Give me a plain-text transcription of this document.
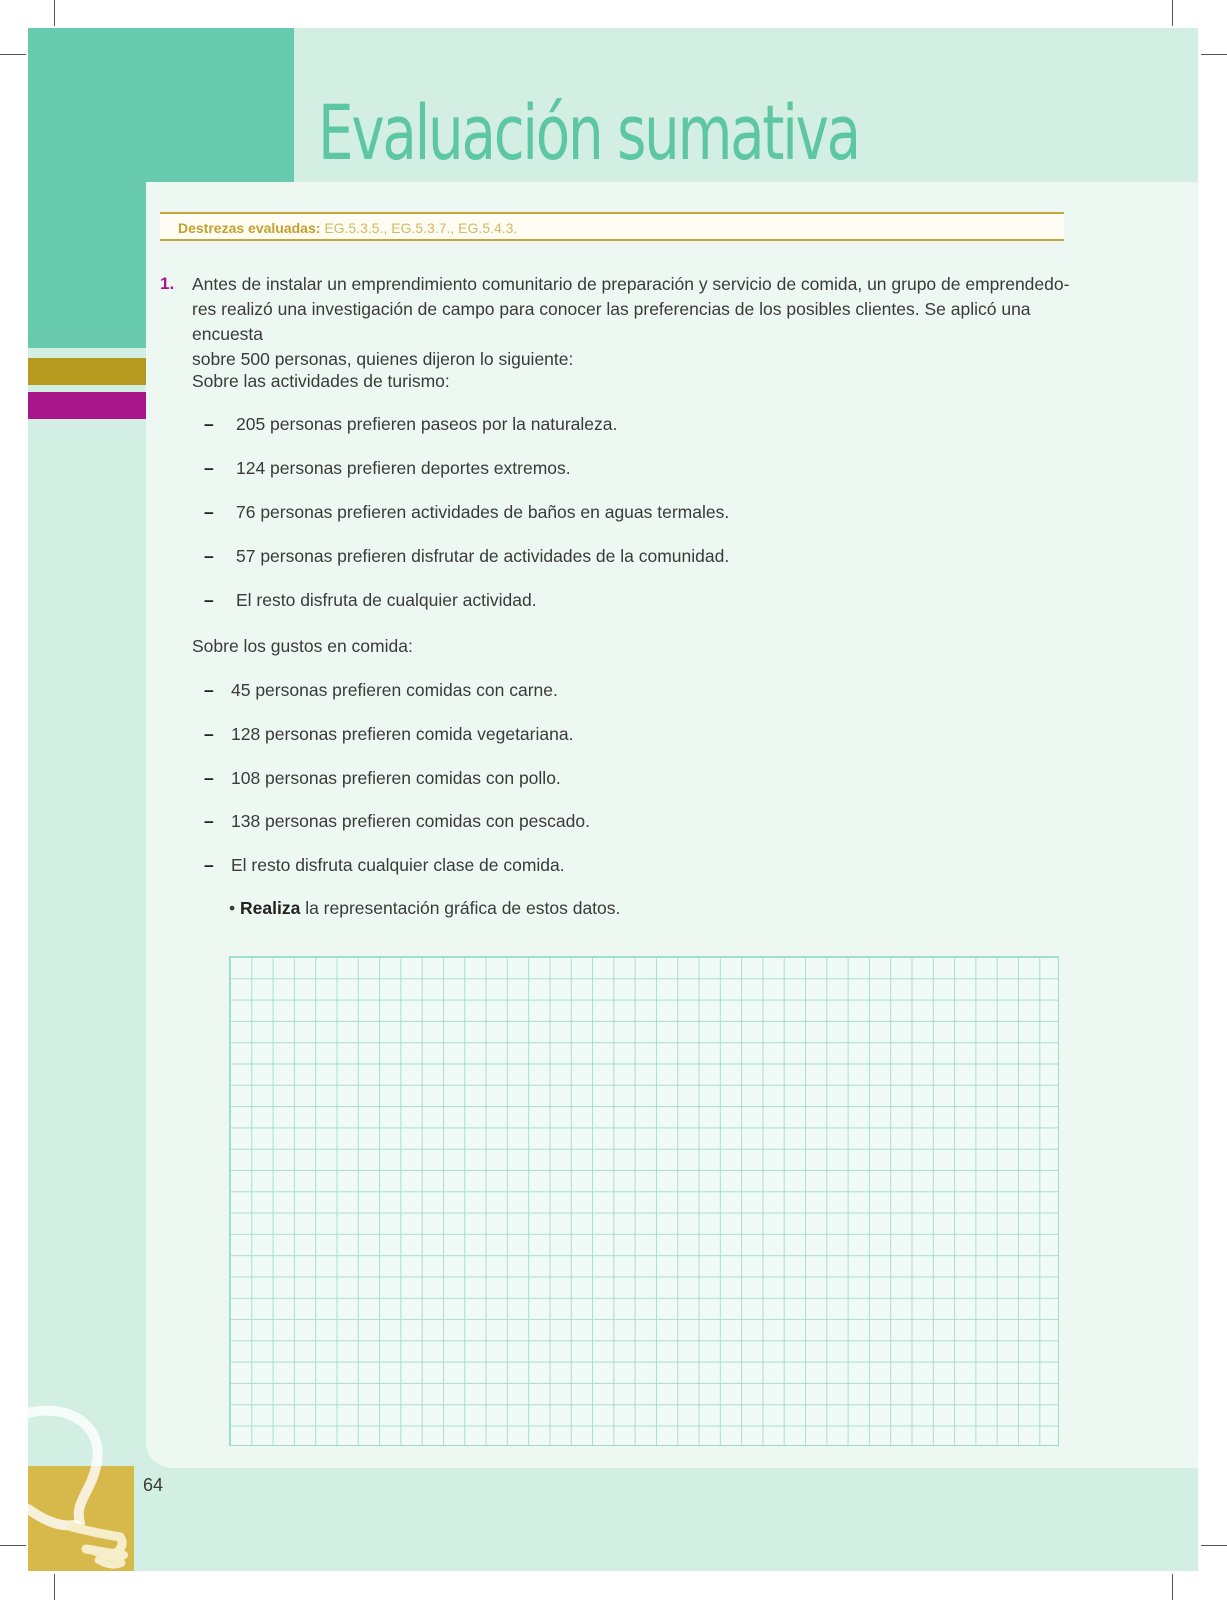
Evaluación sumativa
Destrezas evaluadas: EG.5.3.5., EG.5.3.7., EG.5.4.3.
1. Antes de instalar un emprendimiento comunitario de preparación y servicio de comida, un grupo de emprendedo-
res realizó una investigación de campo para conocer las preferencias de los posibles clientes. Se aplicó una encuesta
sobre 500 personas, quienes dijeron lo siguiente:

Sobre las actividades de turismo:
– 205 personas prefieren paseos por la naturaleza.
– 124 personas prefieren deportes extremos.
– 76 personas prefieren actividades de baños en aguas termales.
– 57 personas prefieren disfrutar de actividades de la comunidad.
– El resto disfruta de cualquier actividad.
Sobre los gustos en comida:
– 45 personas prefieren comidas con carne.
– 128 personas prefieren comida vegetariana.
– 108 personas prefieren comidas con pollo.
– 138 personas prefieren comidas con pescado.
– El resto disfruta cualquier clase de comida.
• Realiza la representación gráfica de estos datos.
64
